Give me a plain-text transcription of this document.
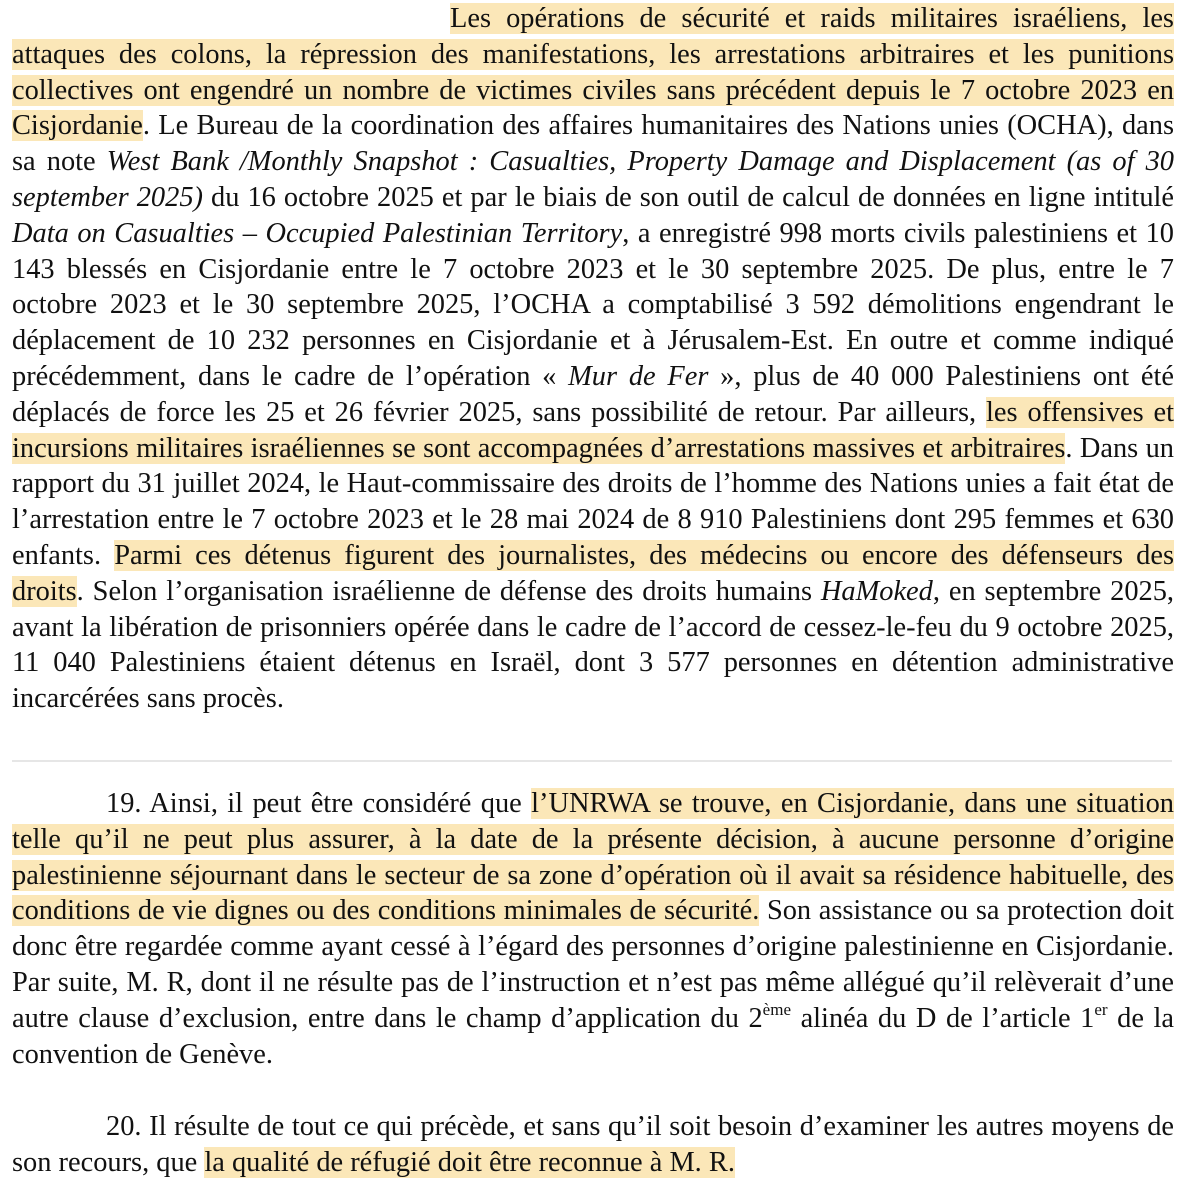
Les opérations de sécurité et raids militaires israéliens, les attaques des colons, la répression des manifestations, les arrestations arbitraires et les punitions collectives ont engendré un nombre de victimes civiles sans précédent depuis le 7 octobre 2023 en Cisjordanie. Le Bureau de la coordination des affaires humanitaires des Nations unies (OCHA), dans sa note West Bank /Monthly Snapshot : Casualties, Property Damage and Displacement (as of 30 september 2025) du 16 octobre 2025 et par le biais de son outil de calcul de données en ligne intitulé Data on Casualties – Occupied Palestinian Territory, a enregistré 998 morts civils palestiniens et 10 143 blessés en Cisjordanie entre le 7 octobre 2023 et le 30 septembre 2025. De plus, entre le 7 octobre 2023 et le 30 septembre 2025, l’OCHA a comptabilisé 3 592 démolitions engendrant le déplacement de 10 232 personnes en Cisjordanie et à Jérusalem-Est. En outre et comme indiqué précédemment, dans le cadre de l’opération « Mur de Fer », plus de 40 000 Palestiniens ont été déplacés de force les 25 et 26 février 2025, sans possibilité de retour. Par ailleurs, les offensives et incursions militaires israéliennes se sont accompagnées d’arrestations massives et arbitraires. Dans un rapport du 31 juillet 2024, le Haut-commissaire des droits de l’homme des Nations unies a fait état de l’arrestation entre le 7 octobre 2023 et le 28 mai 2024 de 8 910 Palestiniens dont 295 femmes et 630 enfants. Parmi ces détenus figurent des journalistes, des médecins ou encore des défenseurs des droits. Selon l’organisation israélienne de défense des droits humains HaMoked, en septembre 2025, avant la libération de prisonniers opérée dans le cadre de l’accord de cessez-le-feu du 9 octobre 2025, 11 040 Palestiniens étaient détenus en Israël, dont 3 577 personnes en détention administrative incarcérées sans procès.

19. Ainsi, il peut être considéré que l’UNRWA se trouve, en Cisjordanie, dans une situation telle qu’il ne peut plus assurer, à la date de la présente décision, à aucune personne d’origine palestinienne séjournant dans le secteur de sa zone d’opération où il avait sa résidence habituelle, des conditions de vie dignes ou des conditions minimales de sécurité. Son assistance ou sa protection doit donc être regardée comme ayant cessé à l’égard des personnes d’origine palestinienne en Cisjordanie. Par suite, M. R, dont il ne résulte pas de l’instruction et n’est pas même allégué qu’il relèverait d’une autre clause d’exclusion, entre dans le champ d’application du 2ème alinéa du D de l’article 1er de la convention de Genève.

20. Il résulte de tout ce qui précède, et sans qu’il soit besoin d’examiner les autres moyens de son recours, que la qualité de réfugié doit être reconnue à M. R.
